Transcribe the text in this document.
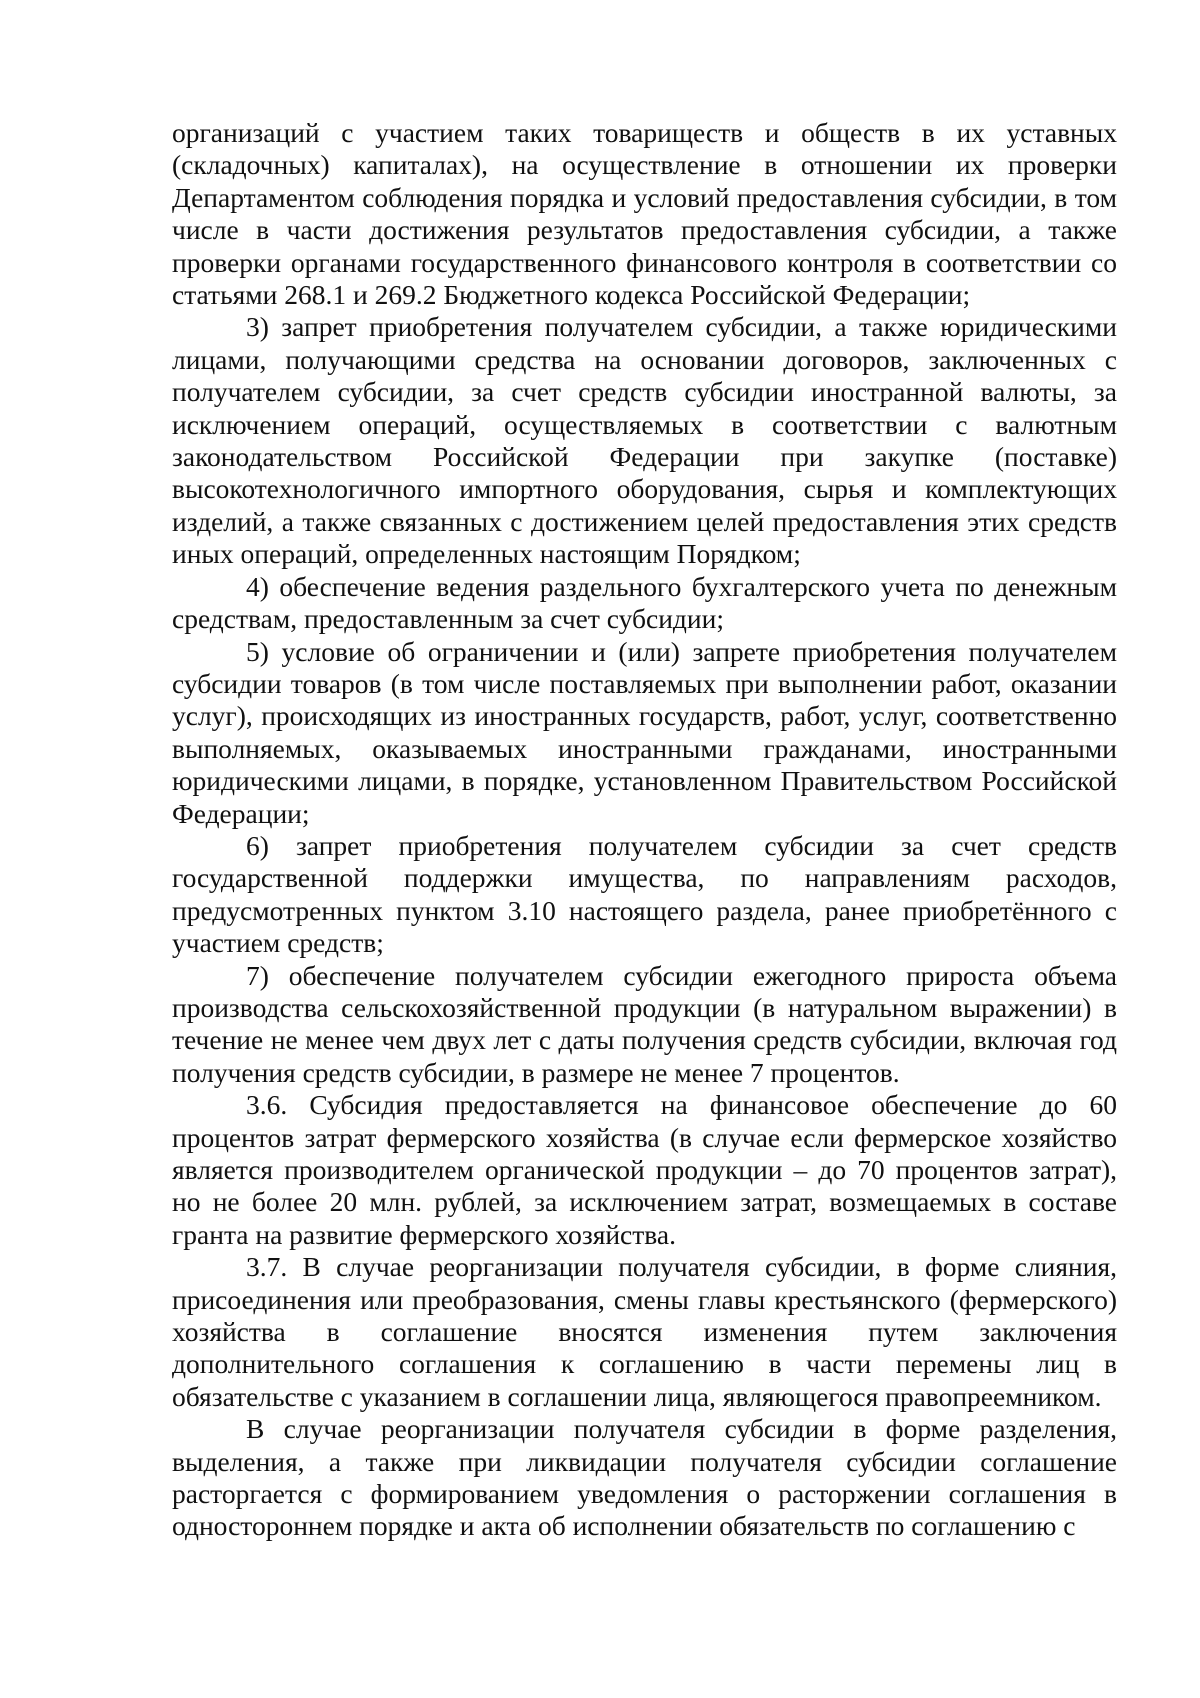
организаций с участием таких товариществ и обществ в их уставных (складочных) капиталах), на осуществление в отношении их проверки Департаментом соблюдения порядка и условий предоставления субсидии, в том числе в части достижения результатов предоставления субсидии, а также проверки органами государственного финансового контроля в соответствии со статьями 268.1 и 269.2 Бюджетного кодекса Российской Федерации;

3) запрет приобретения получателем субсидии, а также юридическими лицами, получающими средства на основании договоров, заключенных с получателем субсидии, за счет средств субсидии иностранной валюты, за исключением операций, осуществляемых в соответствии с валютным законодательством Российской Федерации при закупке (поставке) высокотехнологичного импортного оборудования, сырья и комплектующих изделий, а также связанных с достижением целей предоставления этих средств иных операций, определенных настоящим Порядком;

4) обеспечение ведения раздельного бухгалтерского учета по денежным средствам, предоставленным за счет субсидии;

5) условие об ограничении и (или) запрете приобретения получателем субсидии товаров (в том числе поставляемых при выполнении работ, оказании услуг), происходящих из иностранных государств, работ, услуг, соответственно выполняемых, оказываемых иностранными гражданами, иностранными юридическими лицами, в порядке, установленном Правительством Российской Федерации;

6) запрет приобретения получателем субсидии за счет средств государственной поддержки имущества, по направлениям расходов, предусмотренных пунктом 3.10 настоящего раздела, ранее приобретённого с участием средств;

7) обеспечение получателем субсидии ежегодного прироста объема производства сельскохозяйственной продукции (в натуральном выражении) в течение не менее чем двух лет с даты получения средств субсидии, включая год получения средств субсидии, в размере не менее 7 процентов.

3.6. Субсидия предоставляется на финансовое обеспечение до 60 процентов затрат фермерского хозяйства (в случае если фермерское хозяйство является производителем органической продукции – до 70 процентов затрат), но не более 20 млн. рублей, за исключением затрат, возмещаемых в составе гранта на развитие фермерского хозяйства.

3.7. В случае реорганизации получателя субсидии, в форме слияния, присоединения или преобразования, смены главы крестьянского (фермерского) хозяйства в соглашение вносятся изменения путем заключения дополнительного соглашения к соглашению в части перемены лиц в обязательстве с указанием в соглашении лица, являющегося правопреемником.

В случае реорганизации получателя субсидии в форме разделения, выделения, а также при ликвидации получателя субсидии соглашение расторгается с формированием уведомления о расторжении соглашения в одностороннем порядке и акта об исполнении обязательств по соглашению с
